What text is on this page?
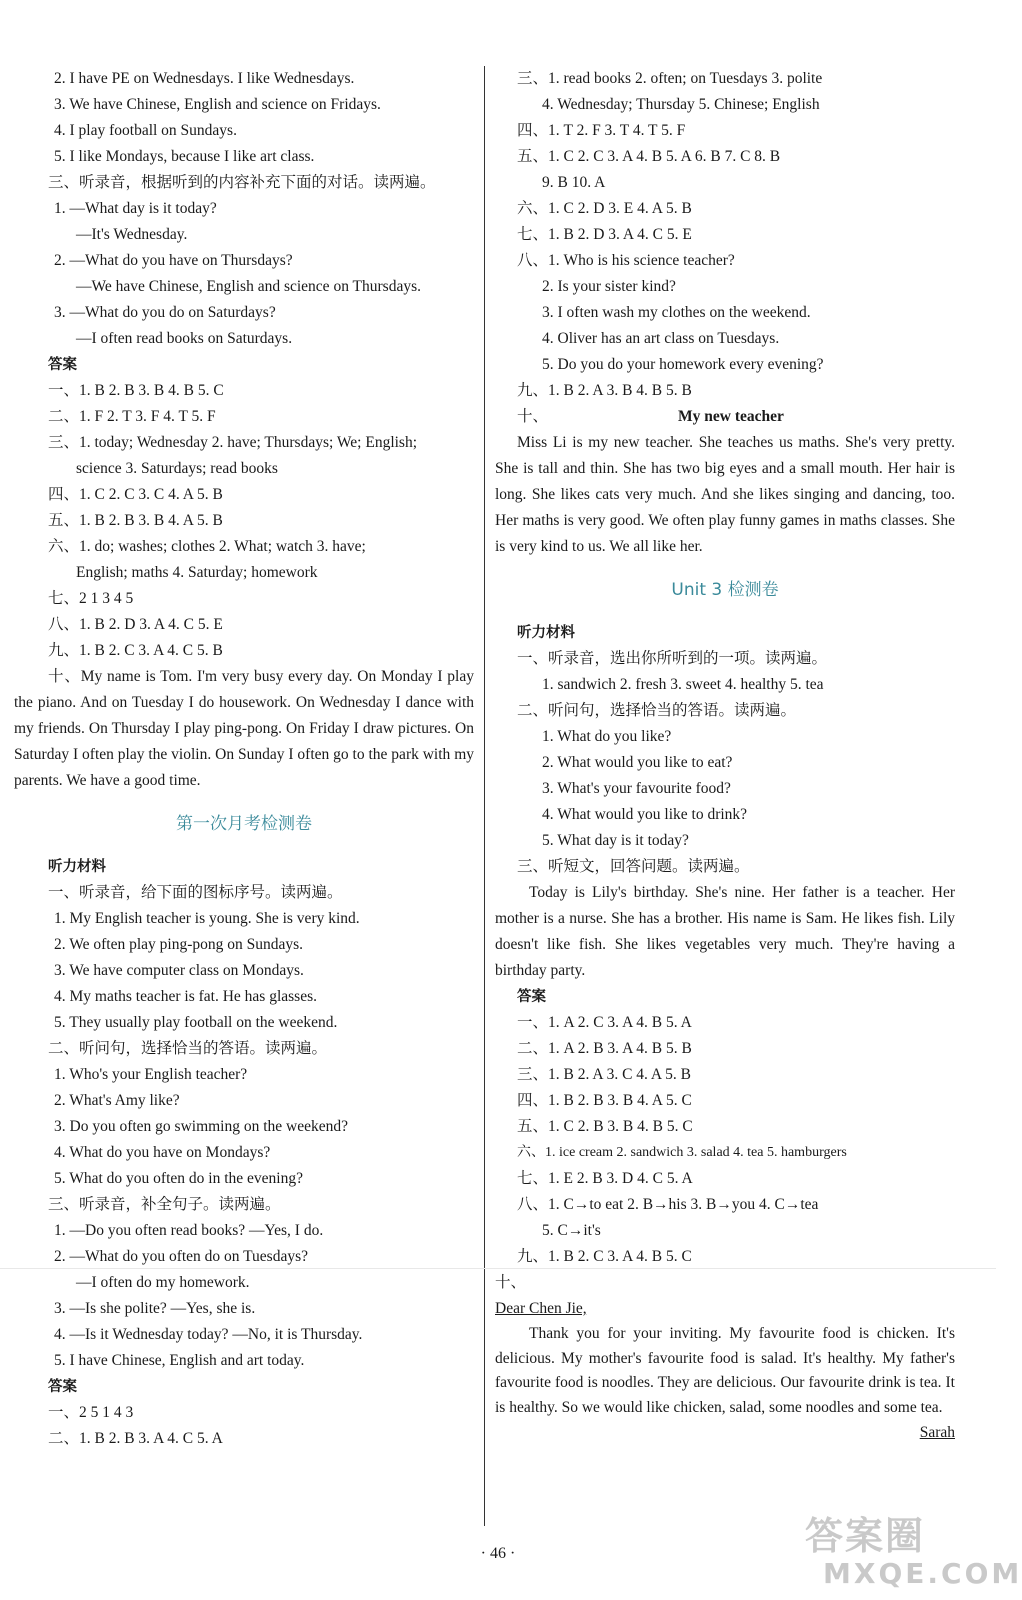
2. I have PE on Wednesdays. I like Wednesdays.
3. We have Chinese, English and science on Fridays.
4. I play football on Sundays.
5. I like Mondays, because I like art class.
三、听录音，根据听到的内容补充下面的对话。读两遍。
1. —What day is it today?
—It's Wednesday.
2. —What do you have on Thursdays?
—We have Chinese, English and science on Thursdays.
3. —What do you do on Saturdays?
—I often read books on Saturdays.
答案
一、1. B 2. B 3. B 4. B 5. C
二、1. F 2. T 3. F 4. T 5. F
三、1. today; Wednesday 2. have; Thursdays; We; English;
science 3. Saturdays; read books
四、1. C 2. C 3. C 4. A 5. B
五、1. B 2. B 3. B 4. A 5. B
六、1. do; washes; clothes 2. What; watch 3. have;
English; maths 4. Saturday; homework
七、2 1 3 4 5
八、1. B 2. D 3. A 4. C 5. E
九、1. B 2. C 3. A 4. C 5. B
十、My name is Tom. I'm very busy every day. On Monday I play the piano. And on Tuesday I do housework. On Wednesday I dance with my friends. On Thursday I play ping-pong. On Friday I draw pictures. On Saturday I often play the violin. On Sunday I often go to the park with my parents. We have a good time.
第一次月考检测卷
听力材料
一、听录音，给下面的图标序号。读两遍。
1. My English teacher is young. She is very kind.
2. We often play ping-pong on Sundays.
3. We have computer class on Mondays.
4. My maths teacher is fat. He has glasses.
5. They usually play football on the weekend.
二、听问句，选择恰当的答语。读两遍。
1. Who's your English teacher?
2. What's Amy like?
3. Do you often go swimming on the weekend?
4. What do you have on Mondays?
5. What do you often do in the evening?
三、听录音，补全句子。读两遍。
1. —Do you often read books? —Yes, I do.
2. —What do you often do on Tuesdays?
—I often do my homework.
3. —Is she polite? —Yes, she is.
4. —Is it Wednesday today? —No, it is Thursday.
5. I have Chinese, English and art today.
答案
一、2 5 1 4 3
二、1. B 2. B 3. A 4. C 5. A
三、1. read books 2. often; on Tuesdays 3. polite
4. Wednesday; Thursday 5. Chinese; English
四、1. T 2. F 3. T 4. T 5. F
五、1. C 2. C 3. A 4. B 5. A 6. B 7. C 8. B
9. B 10. A
六、1. C 2. D 3. E 4. A 5. B
七、1. B 2. D 3. A 4. C 5. E
八、1. Who is his science teacher?
2. Is your sister kind?
3. I often wash my clothes on the weekend.
4. Oliver has an art class on Tuesdays.
5. Do you do your homework every evening?
九、1. B 2. A 3. B 4. B 5. B
十、	My new teacher
Miss Li is my new teacher. She teaches us maths. She's very pretty. She is tall and thin. She has two big eyes and a small mouth. Her hair is long. She likes cats very much. And she likes singing and dancing, too. Her maths is very good. We often play funny games in maths classes. She is very kind to us. We all like her.
Unit 3 检测卷
听力材料
一、听录音，选出你所听到的一项。读两遍。
1. sandwich 2. fresh 3. sweet 4. healthy 5. tea
二、听问句，选择恰当的答语。读两遍。
1. What do you like?
2. What would you like to eat?
3. What's your favourite food?
4. What would you like to drink?
5. What day is it today?
三、听短文，回答问题。读两遍。
Today is Lily's birthday. She's nine. Her father is a teacher. Her mother is a nurse. She has a brother. His name is Sam. He likes fish. Lily doesn't like fish. She likes vegetables very much. They're having a birthday party.
答案
一、1. A 2. C 3. A 4. B 5. A
二、1. A 2. B 3. A 4. B 5. B
三、1. B 2. A 3. C 4. A 5. B
四、1. B 2. B 3. B 4. A 5. C
五、1. C 2. B 3. B 4. B 5. C
六、1. ice cream 2. sandwich 3. salad 4. tea 5. hamburgers
七、1. E 2. B 3. D 4. C 5. A
八、1. C→to eat 2. B→his 3. B→you 4. C→tea
5. C→it's
九、1. B 2. C 3. A 4. B 5. C
十、
Dear Chen Jie,
Thank you for your inviting. My favourite food is chicken. It's delicious. My mother's favourite food is salad. It's healthy. My father's favourite food is noodles. They are delicious. Our favourite drink is tea. It is healthy. So we would like chicken, salad, some noodles and some tea.
Sarah
· 46 ·	答案圈
MXQE.COM
